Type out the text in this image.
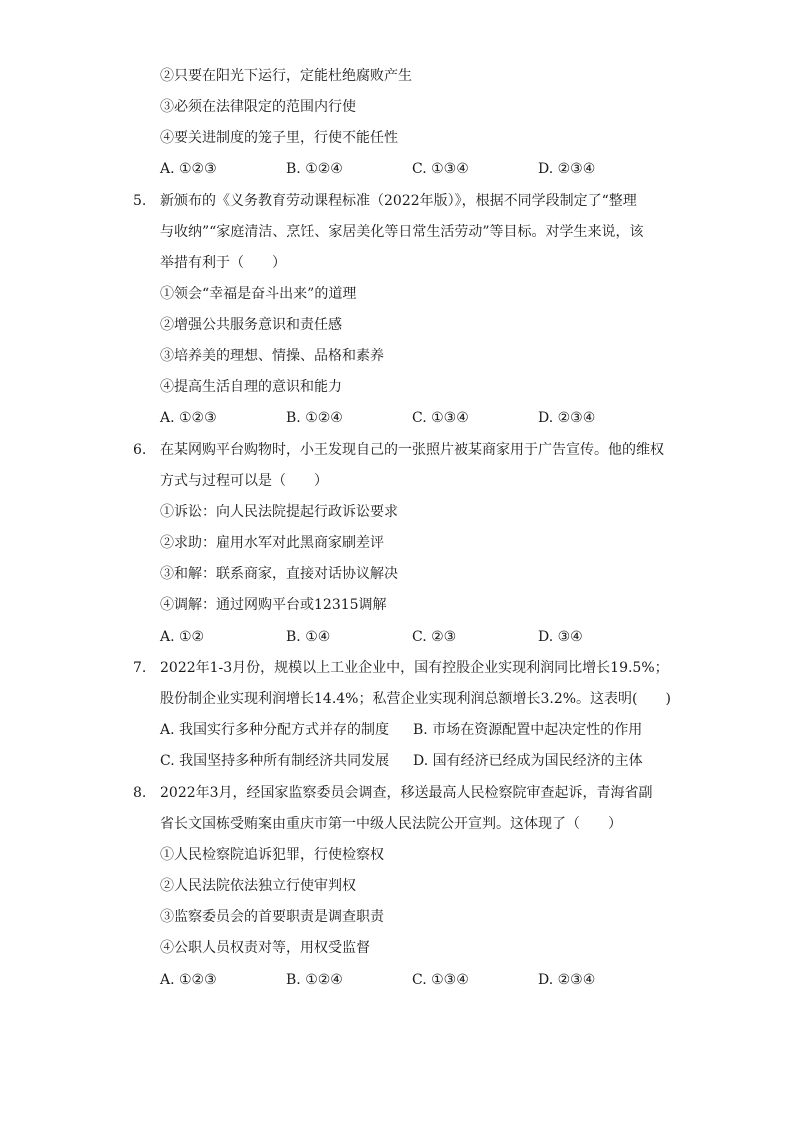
②只要在阳光下运行，定能杜绝腐败产生
③必须在法律限定的范围内行使
④要关进制度的笼子里，行使不能任性
A. ①②③	B. ①②④	C. ①③④	D. ②③④
5. 新颁布的《义务教育劳动课程标准（2022年版）》，根据不同学段制定了“整理
与收纳”“家庭清洁、烹饪、家居美化等日常生活劳动”等目标。对学生来说，该
举措有利于（　　）
①领会“幸福是奋斗出来”的道理
②增强公共服务意识和责任感
③培养美的理想、情操、品格和素养
④提高生活自理的意识和能力
A. ①②③	B. ①②④	C. ①③④	D. ②③④
6. 在某网购平台购物时，小王发现自己的一张照片被某商家用于广告宣传。他的维权
方式与过程可以是（　　）
①诉讼：向人民法院提起行政诉讼要求
②求助：雇用水军对此黑商家刷差评
③和解：联系商家，直接对话协议解决
④调解：通过网购平台或12315调解
A. ①②	B. ①④	C. ②③	D. ③④
7. 2022年1-3月份，规模以上工业企业中，国有控股企业实现利润同比增长19.5%；
股份制企业实现利润增长14.4%；私营企业实现利润总额增长3.2%。这表明(　　)
A. 我国实行多种分配方式并存的制度 B. 市场在资源配置中起决定性的作用
C. 我国坚持多种所有制经济共同发展 D. 国有经济已经成为国民经济的主体
8. 2022年3月，经国家监察委员会调查，移送最高人民检察院审查起诉，青海省副
省长文国栋受贿案由重庆市第一中级人民法院公开宣判。这体现了（　　）
①人民检察院追诉犯罪，行使检察权
②人民法院依法独立行使审判权
③监察委员会的首要职责是调查职责
④公职人员权责对等，用权受监督
A. ①②③	B. ①②④	C. ①③④	D. ②③④
